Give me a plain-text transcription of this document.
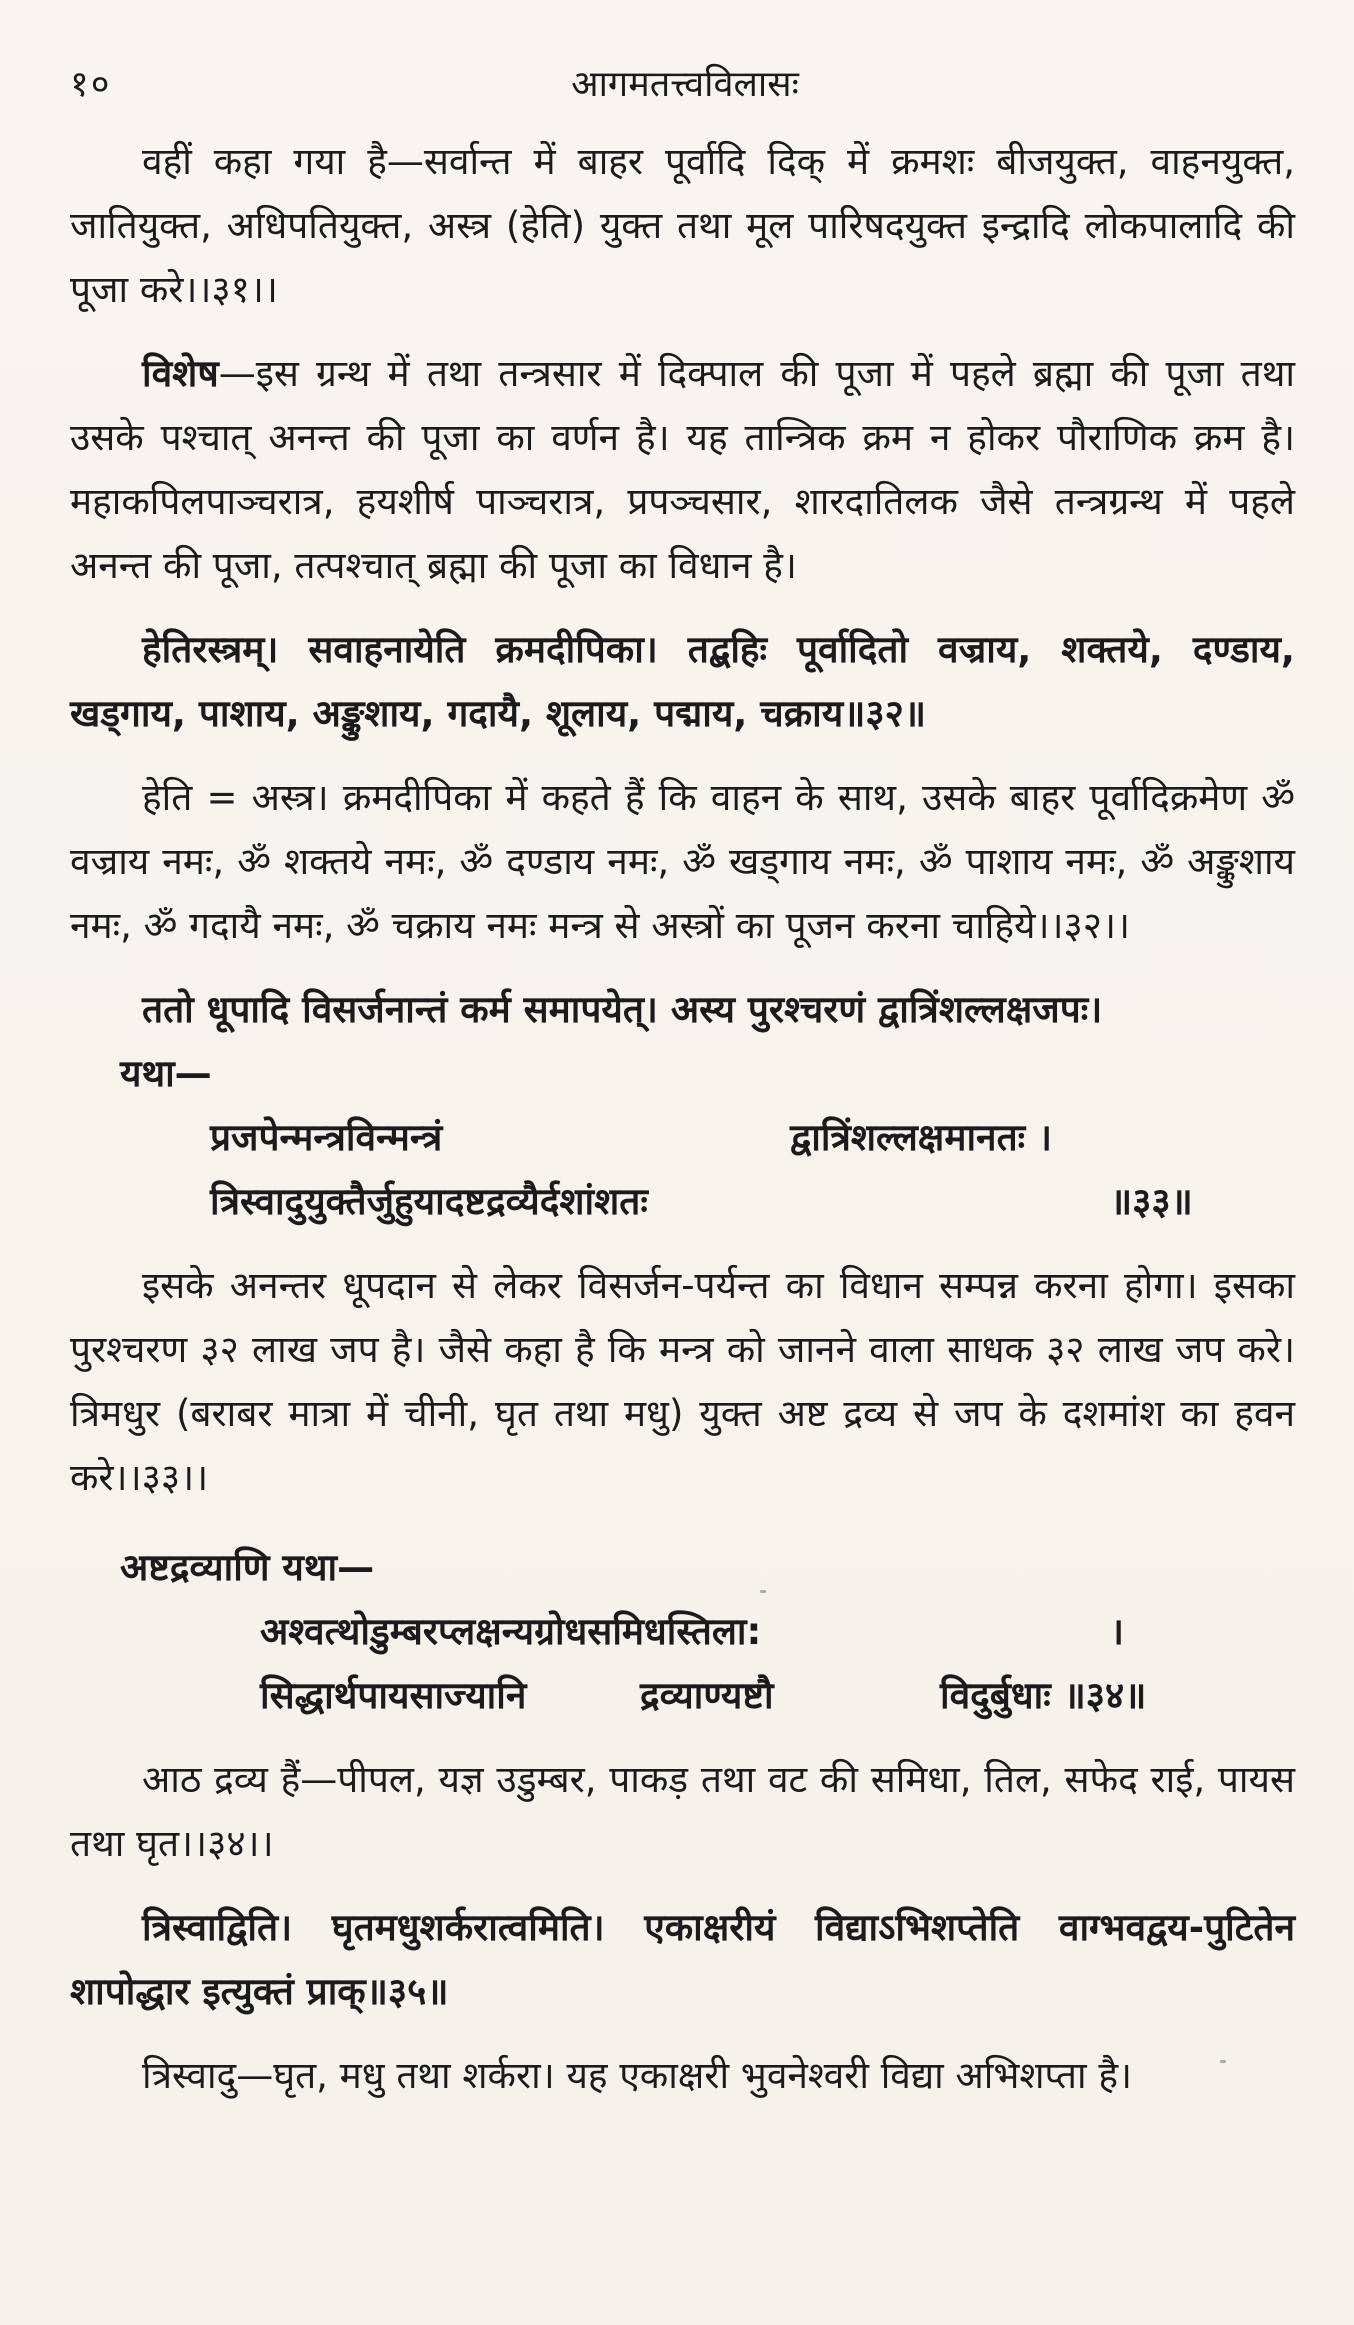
१०	आगमतत्त्वविलासः

वहीं कहा गया है—सर्वान्त में बाहर पूर्वादि दिक् में क्रमशः बीजयुक्त, वाहनयुक्त, जातियुक्त, अधिपतियुक्त, अस्त्र (हेति) युक्त तथा मूल पारिषदयुक्त इन्द्रादि लोकपालादि की पूजा करे।।३१।।

विशेष—इस ग्रन्थ में तथा तन्त्रसार में दिक्पाल की पूजा में पहले ब्रह्मा की पूजा तथा उसके पश्चात् अनन्त की पूजा का वर्णन है। यह तान्त्रिक क्रम न होकर पौराणिक क्रम है। महाकपिलपाञ्चरात्र, हयशीर्ष पाञ्चरात्र, प्रपञ्चसार, शारदातिलक जैसे तन्त्रग्रन्थ में पहले अनन्त की पूजा, तत्पश्चात् ब्रह्मा की पूजा का विधान है।

हेतिरस्त्रम्। सवाहनायेति क्रमदीपिका। तद्बहिः पूर्वादितो वज्राय, शक्तये, दण्डाय, खड्गाय, पाशाय, अङ्कुशाय, गदायै, शूलाय, पद्माय, चक्राय॥३२॥

हेति = अस्त्र। क्रमदीपिका में कहते हैं कि वाहन के साथ, उसके बाहर पूर्वादिक्रमेण ॐ वज्राय नमः, ॐ शक्तये नमः, ॐ दण्डाय नमः, ॐ खड्गाय नमः, ॐ पाशाय नमः, ॐ अङ्कुशाय नमः, ॐ गदायै नमः, ॐ चक्राय नमः मन्त्र से अस्त्रों का पूजन करना चाहिये।।३२।।

ततो धूपादि विसर्जनान्तं कर्म समापयेत्। अस्य पुरश्चरणं द्वात्रिंशल्लक्षजपः।

यथा—
प्रजपेन्मन्त्रविन्मन्त्रं	द्वात्रिंशल्लक्षमानतः ।
त्रिस्वादुयुक्तैर्जुहुयादष्टद्रव्यैर्दशांशतः	॥३३॥

इसके अनन्तर धूपदान से लेकर विसर्जन-पर्यन्त का विधान सम्पन्न करना होगा। इसका पुरश्चरण ३२ लाख जप है। जैसे कहा है कि मन्त्र को जानने वाला साधक ३२ लाख जप करे। त्रिमधुर (बराबर मात्रा में चीनी, घृत तथा मधु) युक्त अष्ट द्रव्य से जप के दशमांश का हवन करे।।३३।।

अष्टद्रव्याणि यथा—
अश्वत्थोडुम्बरप्लक्षन्यग्रोधसमिधस्तिला:	।
सिद्धार्थपायसाज्यानि	द्रव्याण्यष्टौ	विदुर्बुधाः ॥३४॥

आठ द्रव्य हैं—पीपल, यज्ञ उडुम्बर, पाकड़ तथा वट की समिधा, तिल, सफेद राई, पायस तथा घृत।।३४।।

त्रिस्वाद्विति। घृतमधुशर्करात्वमिति। एकाक्षरीयं विद्याऽभिशप्तेति वाग्भवद्वय-पुटितेन शापोद्धार इत्युक्तं प्राक्॥३५॥

त्रिस्वादु—घृत, मधु तथा शर्करा। यह एकाक्षरी भुवनेश्वरी विद्या अभिशप्ता है।
